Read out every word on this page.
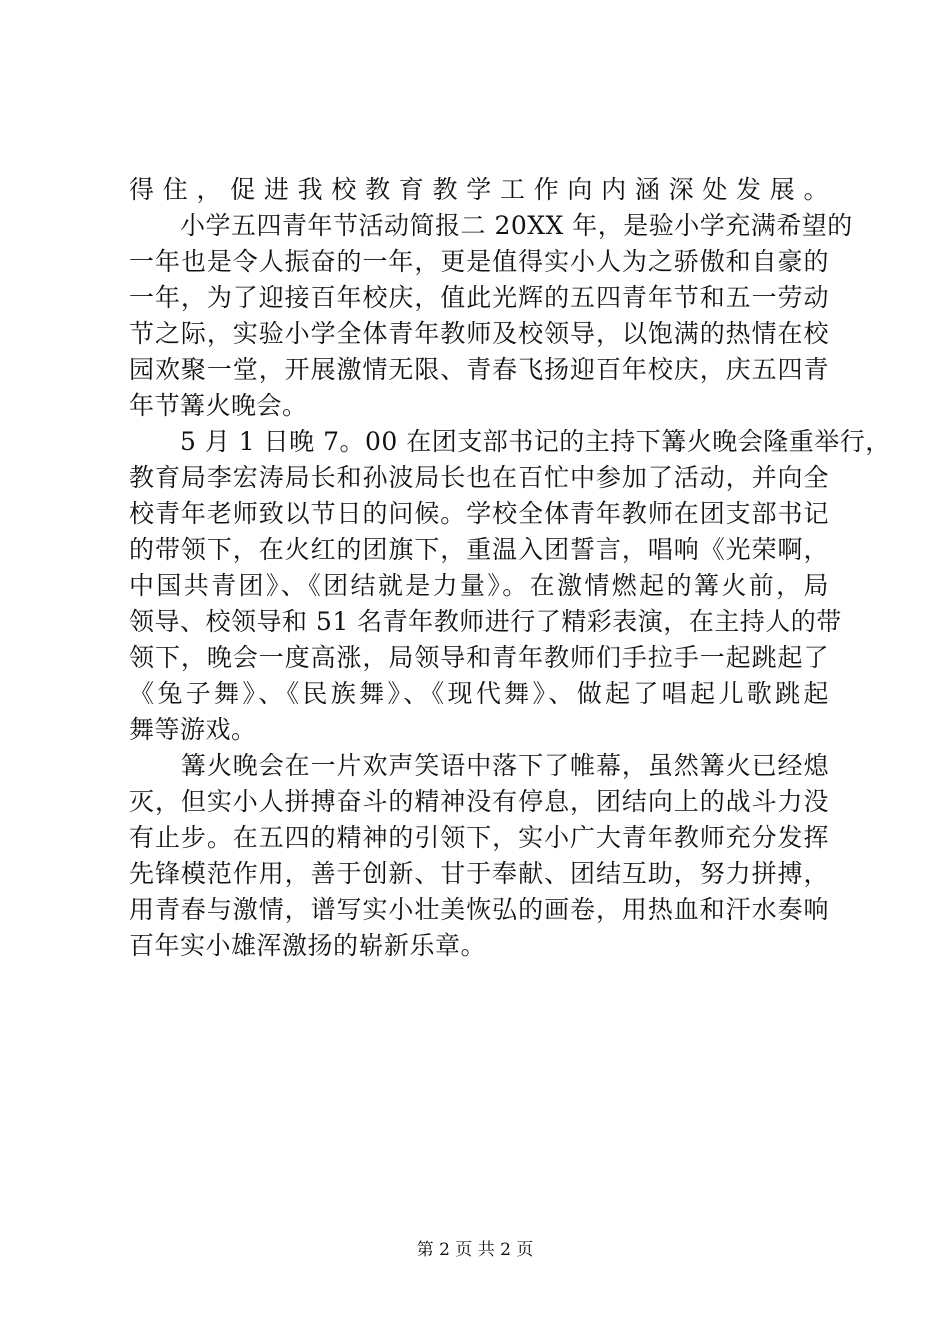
得住，促进我校教育教学工作向内涵深处发展。
　　小学五四青年节活动简报二 20XX 年，是验小学充满希望的
一年也是令人振奋的一年，更是值得实小人为之骄傲和自豪的
一年，为了迎接百年校庆，值此光辉的五四青年节和五一劳动
节之际，实验小学全体青年教师及校领导，以饱满的热情在校
园欢聚一堂，开展激情无限、青春飞扬迎百年校庆，庆五四青
年节篝火晚会。
　　5 月 1 日晚 7。00 在团支部书记的主持下篝火晚会隆重举行，
教育局李宏涛局长和孙波局长也在百忙中参加了活动，并向全
校青年老师致以节日的问候。学校全体青年教师在团支部书记
的带领下，在火红的团旗下，重温入团誓言，唱响《光荣啊，
中国共青团》、《团结就是力量》。在激情燃起的篝火前，局
领导、校领导和 51 名青年教师进行了精彩表演，在主持人的带
领下，晚会一度高涨，局领导和青年教师们手拉手一起跳起了
《兔子舞》、《民族舞》、《现代舞》、做起了唱起儿歌跳起
舞等游戏。
　　篝火晚会在一片欢声笑语中落下了帷幕，虽然篝火已经熄
灭，但实小人拼搏奋斗的精神没有停息，团结向上的战斗力没
有止步。在五四的精神的引领下，实小广大青年教师充分发挥
先锋模范作用，善于创新、甘于奉献、团结互助，努力拼搏，
用青春与激情，谱写实小壮美恢弘的画卷，用热血和汗水奏响
百年实小雄浑激扬的崭新乐章。
第 2 页 共 2 页
